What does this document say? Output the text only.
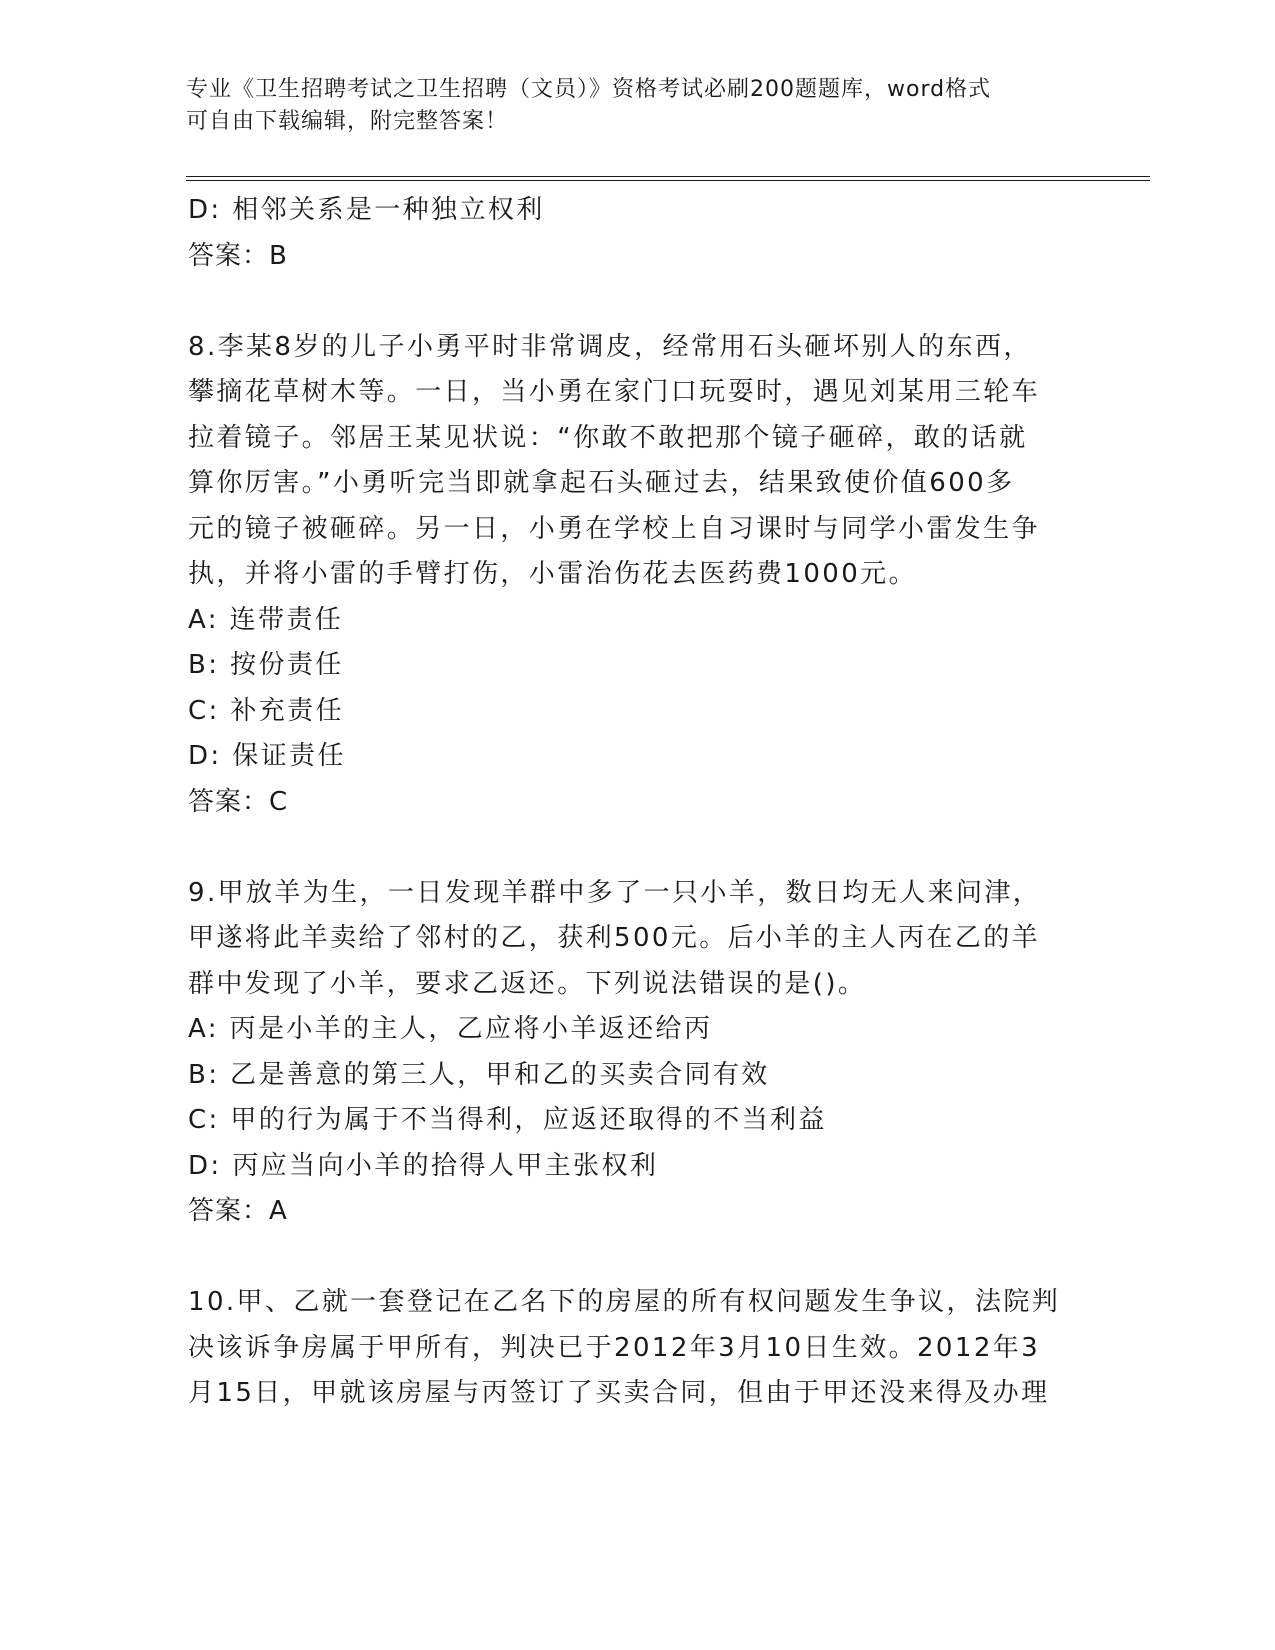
专业《卫生招聘考试之卫生招聘（文员）》资格考试必刷200题题库，word格式
可自由下载编辑，附完整答案！
D: 相邻关系是一种独立权利
答案：B
8.李某8岁的儿子小勇平时非常调皮，经常用石头砸坏别人的东西，
攀摘花草树木等。一日，当小勇在家门口玩耍时，遇见刘某用三轮车
拉着镜子。邻居王某见状说：“你敢不敢把那个镜子砸碎，敢的话就
算你厉害。”小勇听完当即就拿起石头砸过去，结果致使价值600多
元的镜子被砸碎。另一日，小勇在学校上自习课时与同学小雷发生争
执，并将小雷的手臂打伤，小雷治伤花去医药费1000元。
A: 连带责任
B: 按份责任
C: 补充责任
D: 保证责任
答案：C
9.甲放羊为生，一日发现羊群中多了一只小羊，数日均无人来问津，
甲遂将此羊卖给了邻村的乙，获利500元。后小羊的主人丙在乙的羊
群中发现了小羊，要求乙返还。下列说法错误的是()。
A: 丙是小羊的主人，乙应将小羊返还给丙
B: 乙是善意的第三人，甲和乙的买卖合同有效
C: 甲的行为属于不当得利，应返还取得的不当利益
D: 丙应当向小羊的拾得人甲主张权利
答案：A
10.甲、乙就一套登记在乙名下的房屋的所有权问题发生争议，法院判
决该诉争房属于甲所有，判决已于2012年3月10日生效。2012年3
月15日，甲就该房屋与丙签订了买卖合同，但由于甲还没来得及办理
